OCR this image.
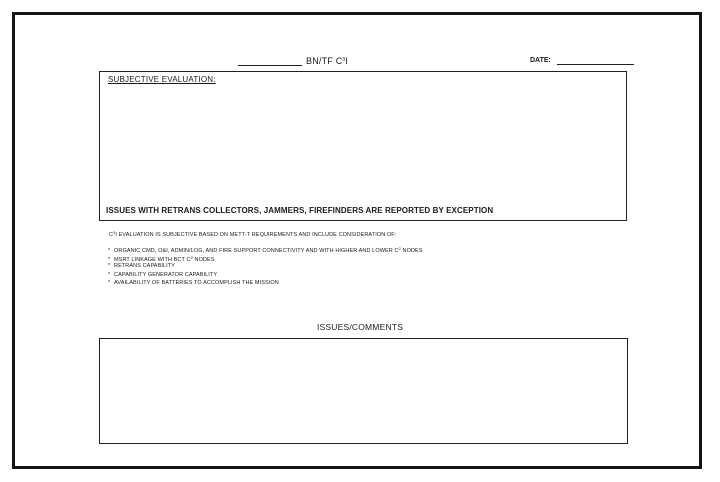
BN/TF $C^3I$	DATE:
SUBJECTIVE EVALUATION:
ISSUES WITH RETRANS COLLECTORS, JAMMERS, FIREFINDERS ARE REPORTED BY EXCEPTION
$C^3I$ EVALUATION IS SUBJECTIVE BASED ON METT-T REQUIREMENTS AND INCLUDE CONSIDERATION OF:
* ORGANIC CMD, O&I, ADMIN/LOG, AND FIRE SUPPORT CONNECTIVITY AND WITH HIGHER AND LOWER $C^2$ NODES
* MSRT LINKAGE WITH BCT $C^2$ NODES
* RETRANS CAPABILITY
* CAPABILITY GENERATOR CAPABILITY
* AVAILABILITY OF BATTERIES TO ACCOMPLISH THE MISSION
ISSUES/COMMENTS
